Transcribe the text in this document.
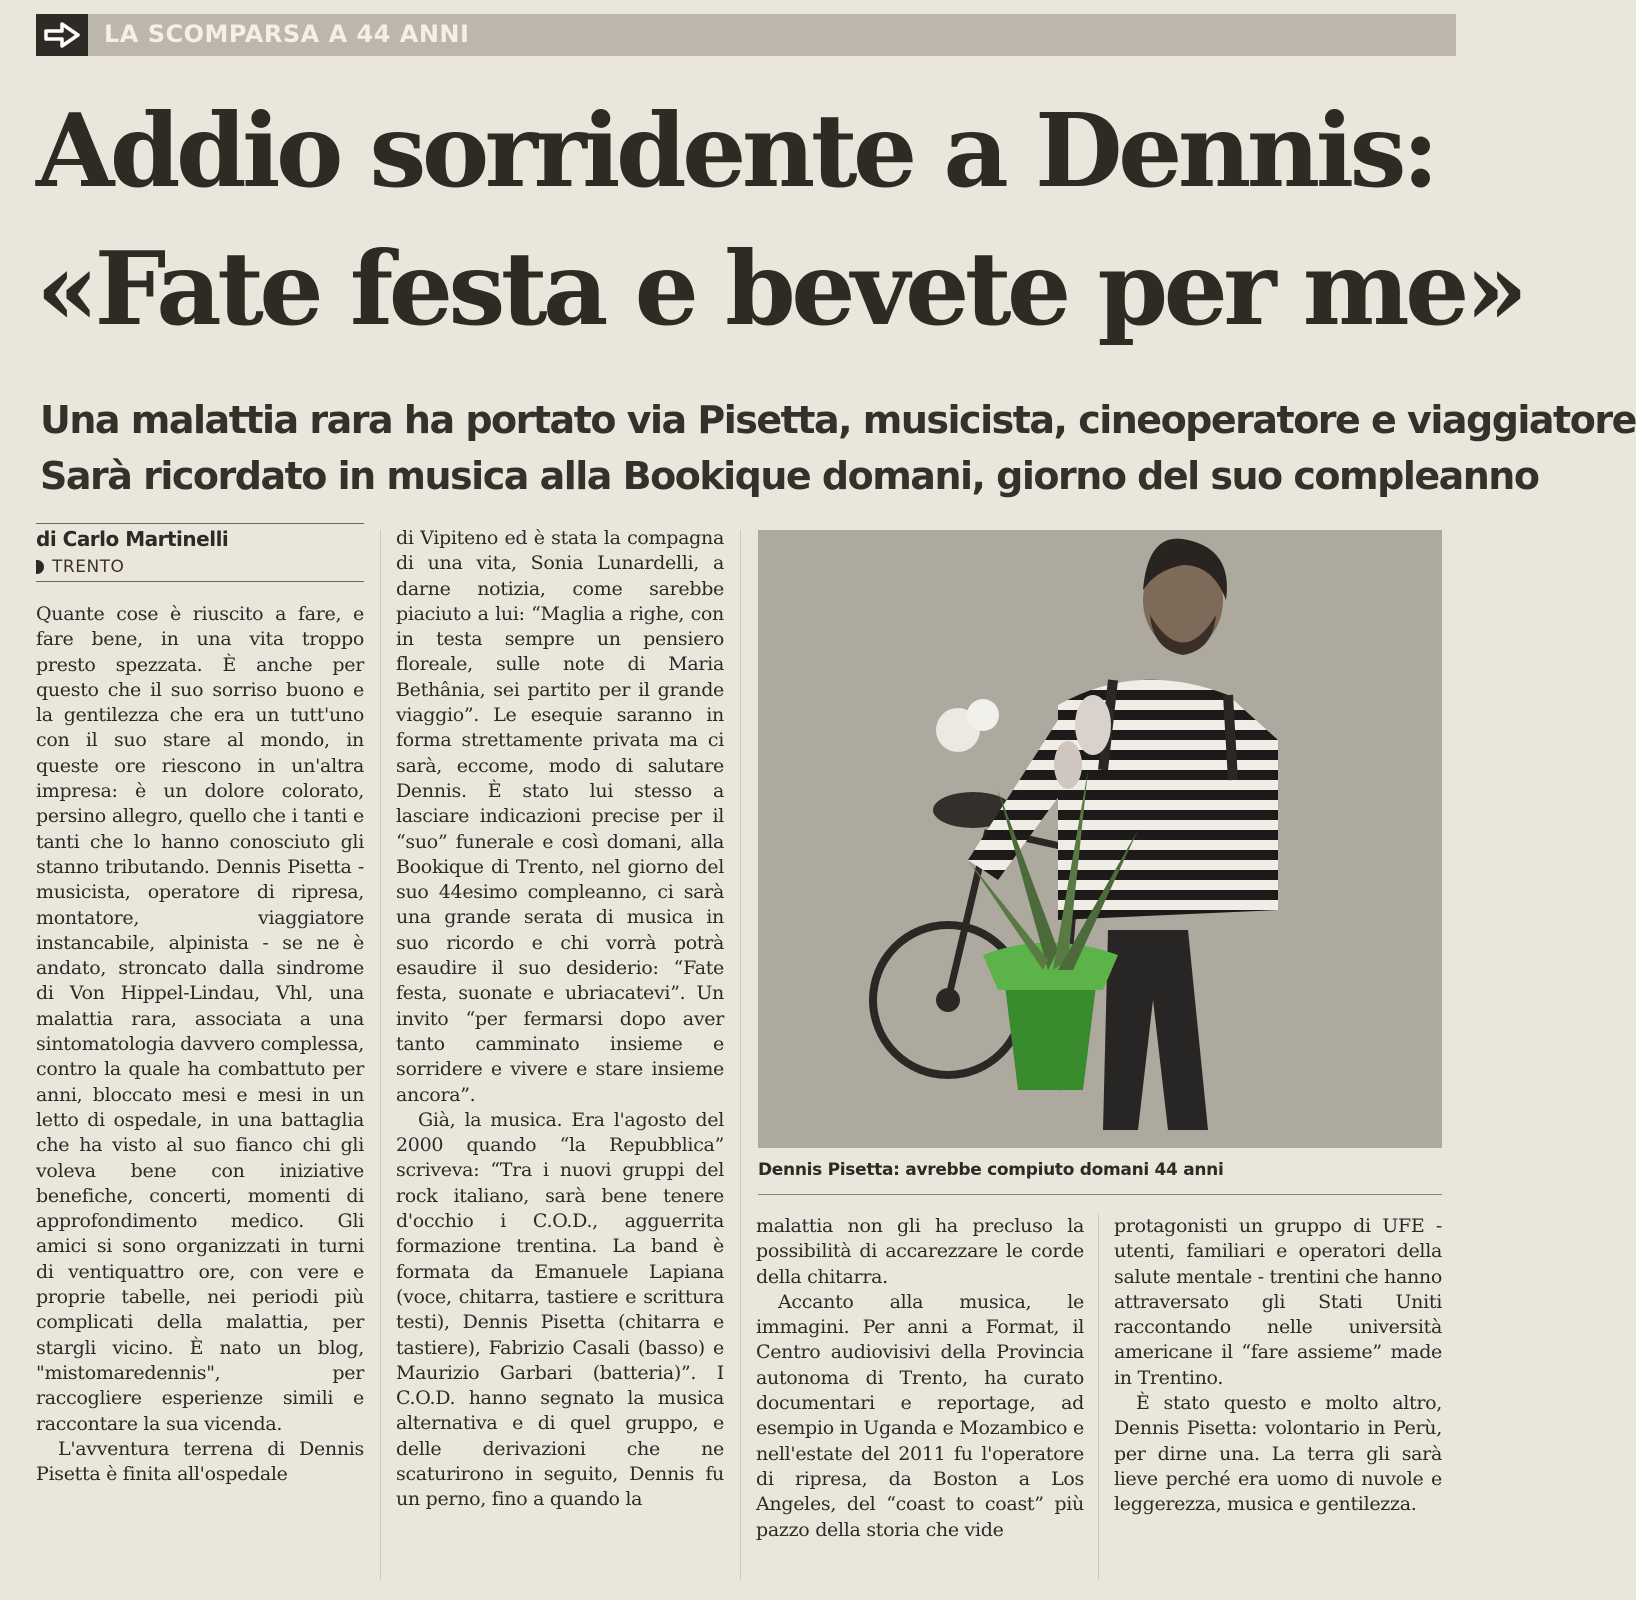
LA SCOMPARSA A 44 ANNI
Addio sorridente a Dennis:
«Fate festa e bevete per me»
Una malattia rara ha portato via Pisetta, musicista, cineoperatore e viaggiatore
Sarà ricordato in musica alla Bookique domani, giorno del suo compleanno
di Carlo Martinelli
TRENTO

Quante cose è riuscito a fare, e fare bene, in una vita troppo presto spezzata. È anche per questo che il suo sorriso buono e la gentilezza che era un tutt'uno con il suo stare al mondo, in queste ore riescono in un'altra impresa: è un dolore colorato, persino allegro, quello che i tanti e tanti che lo hanno conosciuto gli stanno tributando. Dennis Pisetta - musicista, operatore di ripresa, montatore, viaggiatore instancabile, alpinista - se ne è andato, stroncato dalla sindrome di Von Hippel-Lindau, Vhl, una malattia rara, associata a una sintomatologia davvero complessa, contro la quale ha combattuto per anni, bloccato mesi e mesi in un letto di ospedale, in una battaglia che ha visto al suo fianco chi gli voleva bene con iniziative benefiche, concerti, momenti di approfondimento medico. Gli amici si sono organizzati in turni di ventiquattro ore, con vere e proprie tabelle, nei periodi più complicati della malattia, per stargli vicino. È nato un blog, "mistomaredennis", per raccogliere esperienze simili e raccontare la sua vicenda.

L'avventura terrena di Dennis Pisetta è finita all'ospedale

di Vipiteno ed è stata la compagna di una vita, Sonia Lunardelli, a darne notizia, come sarebbe piaciuto a lui: “Maglia a righe, con in testa sempre un pensiero floreale, sulle note di Maria Bethânia, sei partito per il grande viaggio”. Le esequie saranno in forma strettamente privata ma ci sarà, eccome, modo di salutare Dennis. È stato lui stesso a lasciare indicazioni precise per il “suo” funerale e così domani, alla Bookique di Trento, nel giorno del suo 44esimo compleanno, ci sarà una grande serata di musica in suo ricordo e chi vorrà potrà esaudire il suo desiderio: “Fate festa, suonate e ubriacatevi”. Un invito “per fermarsi dopo aver tanto camminato insieme e sorridere e vivere e stare insieme ancora”.

Già, la musica. Era l'agosto del 2000 quando “la Repubblica” scriveva: “Tra i nuovi gruppi del rock italiano, sarà bene tenere d'occhio i C.O.D., agguerrita formazione trentina. La band è formata da Emanuele Lapiana (voce, chitarra, tastiere e scrittura testi), Dennis Pisetta (chitarra e tastiere), Fabrizio Casali (basso) e Maurizio Garbari (batteria)”. I C.O.D. hanno segnato la musica alternativa e di quel gruppo, e delle derivazioni che ne scaturirono in seguito, Dennis fu un perno, fino a quando la

Dennis Pisetta: avrebbe compiuto domani 44 anni

malattia non gli ha precluso la possibilità di accarezzare le corde della chitarra.

Accanto alla musica, le immagini. Per anni a Format, il Centro audiovisivi della Provincia autonoma di Trento, ha curato documentari e reportage, ad esempio in Uganda e Mozambico e nell'estate del 2011 fu l'operatore di ripresa, da Boston a Los Angeles, del “coast to coast” più pazzo della storia che vide

protagonisti un gruppo di UFE - utenti, familiari e operatori della salute mentale - trentini che hanno attraversato gli Stati Uniti raccontando nelle università americane il “fare assieme” made in Trentino.

È stato questo e molto altro, Dennis Pisetta: volontario in Perù, per dirne una. La terra gli sarà lieve perché era uomo di nuvole e leggerezza, musica e gentilezza.
